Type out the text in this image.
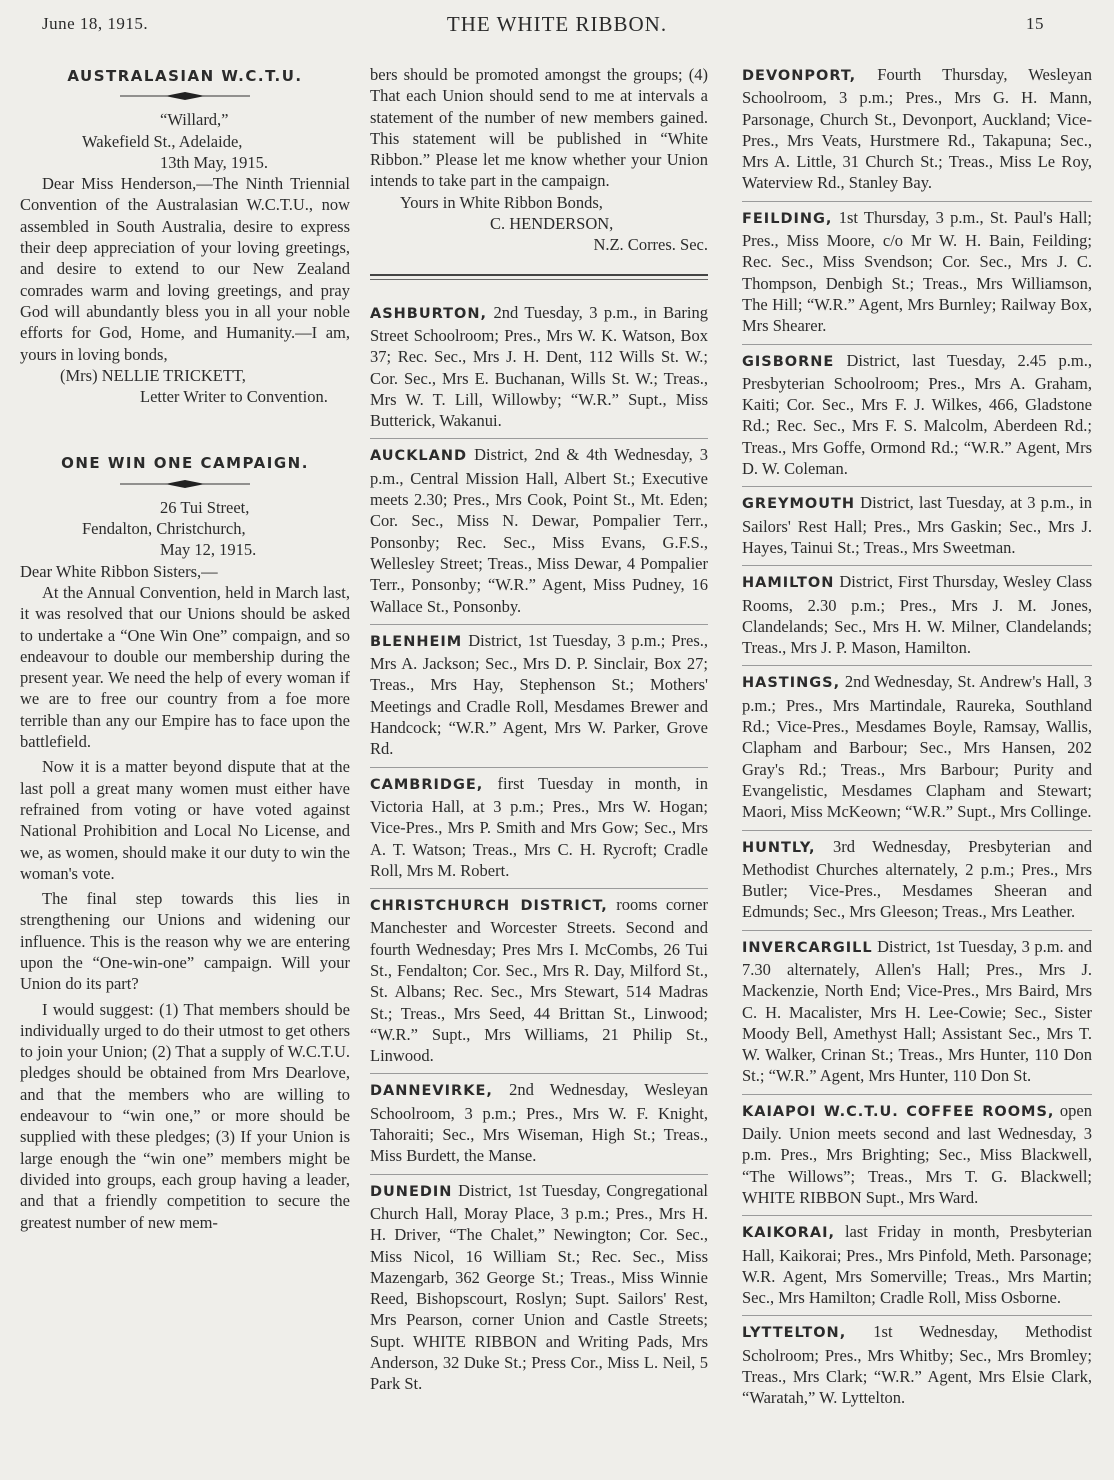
June 18, 1915.	THE WHITE RIBBON.	15
AUSTRALASIAN W.C.T.U.

“Willard,”

Wakefield St., Adelaide,

13th May, 1915.

Dear Miss Henderson,—The Ninth Triennial Convention of the Australasian W.C.T.U., now assembled in South Australia, desire to express their deep appreciation of your loving greetings, and desire to extend to our New Zealand comrades warm and loving greetings, and pray God will abundantly bless you in all your noble efforts for God, Home, and Humanity.—I am, yours in loving bonds,

(Mrs) NELLIE TRICKETT,

Letter Writer to Convention.

ONE WIN ONE CAMPAIGN.

26 Tui Street,

Fendalton, Christchurch,

May 12, 1915.

Dear White Ribbon Sisters,—

At the Annual Convention, held in March last, it was resolved that our Unions should be asked to undertake a “One Win One” compaign, and so endeavour to double our membership during the present year. We need the help of every woman if we are to free our country from a foe more terrible than any our Empire has to face upon the battlefield.

Now it is a matter beyond dispute that at the last poll a great many women must either have refrained from voting or have voted against National Prohibition and Local No License, and we, as women, should make it our duty to win the woman's vote.

The final step towards this lies in strengthening our Unions and widening our influence. This is the reason why we are entering upon the “One-win-one” campaign. Will your Union do its part?

I would suggest: (1) That members should be individually urged to do their utmost to get others to join your Union; (2) That a supply of W.C.T.U. pledges should be obtained from Mrs Dearlove, and that the members who are willing to endeavour to “win one,” or more should be supplied with these pledges; (3) If your Union is large enough the “win one” members might be divided into groups, each group having a leader, and that a friendly competition to secure the greatest number of new mem-

bers should be promoted amongst the groups; (4) That each Union should send to me at intervals a statement of the number of new members gained. This statement will be published in “White Ribbon.” Please let me know whether your Union intends to take part in the campaign.

Yours in White Ribbon Bonds,

C. HENDERSON,

N.Z. Corres. Sec.

ASHBURTON, 2nd Tuesday, 3 p.m., in Baring Street Schoolroom; Pres., Mrs W. K. Watson, Box 37; Rec. Sec., Mrs J. H. Dent, 112 Wills St. W.; Cor. Sec., Mrs E. Buchanan, Wills St. W.; Treas., Mrs W. T. Lill, Willowby; “W.R.” Supt., Miss Butterick, Wakanui.
AUCKLAND District, 2nd & 4th Wednesday, 3 p.m., Central Mission Hall, Albert St.; Executive meets 2.30; Pres., Mrs Cook, Point St., Mt. Eden; Cor. Sec., Miss N. Dewar, Pompalier Terr., Ponsonby; Rec. Sec., Miss Evans, G.F.S., Wellesley Street; Treas., Miss Dewar, 4 Pompalier Terr., Ponsonby; “W.R.” Agent, Miss Pudney, 16 Wallace St., Ponsonby.
BLENHEIM District, 1st Tuesday, 3 p.m.; Pres., Mrs A. Jackson; Sec., Mrs D. P. Sinclair, Box 27; Treas., Mrs Hay, Stephenson St.; Mothers' Meetings and Cradle Roll, Mesdames Brewer and Handcock; “W.R.” Agent, Mrs W. Parker, Grove Rd.
CAMBRIDGE, first Tuesday in month, in Victoria Hall, at 3 p.m.; Pres., Mrs W. Hogan; Vice-Pres., Mrs P. Smith and Mrs Gow; Sec., Mrs A. T. Watson; Treas., Mrs C. H. Rycroft; Cradle Roll, Mrs M. Robert.
CHRISTCHURCH DISTRICT, rooms corner Manchester and Worcester Streets. Second and fourth Wednesday; Pres Mrs I. McCombs, 26 Tui St., Fendalton; Cor. Sec., Mrs R. Day, Milford St., St. Albans; Rec. Sec., Mrs Stewart, 514 Madras St.; Treas., Mrs Seed, 44 Brittan St., Linwood; “W.R.” Supt., Mrs Williams, 21 Philip St., Linwood.
DANNEVIRKE, 2nd Wednesday, Wesleyan Schoolroom, 3 p.m.; Pres., Mrs W. F. Knight, Tahoraiti; Sec., Mrs Wiseman, High St.; Treas., Miss Burdett, the Manse.
DUNEDIN District, 1st Tuesday, Congregational Church Hall, Moray Place, 3 p.m.; Pres., Mrs H. H. Driver, “The Chalet,” Newington; Cor. Sec., Miss Nicol, 16 William St.; Rec. Sec., Miss Mazengarb, 362 George St.; Treas., Miss Winnie Reed, Bishopscourt, Roslyn; Supt. Sailors' Rest, Mrs Pearson, corner Union and Castle Streets; Supt. WHITE RIBBON and Writing Pads, Mrs Anderson, 32 Duke St.; Press Cor., Miss L. Neil, 5 Park St.
DEVONPORT, Fourth Thursday, Wesleyan Schoolroom, 3 p.m.; Pres., Mrs G. H. Mann, Parsonage, Church St., Devonport, Auckland; Vice-Pres., Mrs Veats, Hurstmere Rd., Takapuna; Sec., Mrs A. Little, 31 Church St.; Treas., Miss Le Roy, Waterview Rd., Stanley Bay.
FEILDING, 1st Thursday, 3 p.m., St. Paul's Hall; Pres., Miss Moore, c/o Mr W. H. Bain, Feilding; Rec. Sec., Miss Svendson; Cor. Sec., Mrs J. C. Thompson, Denbigh St.; Treas., Mrs Williamson, The Hill; “W.R.” Agent, Mrs Burnley; Railway Box, Mrs Shearer.
GISBORNE District, last Tuesday, 2.45 p.m., Presbyterian Schoolroom; Pres., Mrs A. Graham, Kaiti; Cor. Sec., Mrs F. J. Wilkes, 466, Gladstone Rd.; Rec. Sec., Mrs F. S. Malcolm, Aberdeen Rd.; Treas., Mrs Goffe, Ormond Rd.; “W.R.” Agent, Mrs D. W. Coleman.
GREYMOUTH District, last Tuesday, at 3 p.m., in Sailors' Rest Hall; Pres., Mrs Gaskin; Sec., Mrs J. Hayes, Tainui St.; Treas., Mrs Sweetman.
HAMILTON District, First Thursday, Wesley Class Rooms, 2.30 p.m.; Pres., Mrs J. M. Jones, Clandelands; Sec., Mrs H. W. Milner, Clandelands; Treas., Mrs J. P. Mason, Hamilton.
HASTINGS, 2nd Wednesday, St. Andrew's Hall, 3 p.m.; Pres., Mrs Martindale, Raureka, Southland Rd.; Vice-Pres., Mesdames Boyle, Ramsay, Wallis, Clapham and Barbour; Sec., Mrs Hansen, 202 Gray's Rd.; Treas., Mrs Barbour; Purity and Evangelistic, Mesdames Clapham and Stewart; Maori, Miss McKeown; “W.R.” Supt., Mrs Collinge.
HUNTLY, 3rd Wednesday, Presbyterian and Methodist Churches alternately, 2 p.m.; Pres., Mrs Butler; Vice-Pres., Mesdames Sheeran and Edmunds; Sec., Mrs Gleeson; Treas., Mrs Leather.
INVERCARGILL District, 1st Tuesday, 3 p.m. and 7.30 alternately, Allen's Hall; Pres., Mrs J. Mackenzie, North End; Vice-Pres., Mrs Baird, Mrs C. H. Macalister, Mrs H. Lee-Cowie; Sec., Sister Moody Bell, Amethyst Hall; Assistant Sec., Mrs T. W. Walker, Crinan St.; Treas., Mrs Hunter, 110 Don St.; “W.R.” Agent, Mrs Hunter, 110 Don St.
KAIAPOI W.C.T.U. COFFEE ROOMS, open Daily. Union meets second and last Wednesday, 3 p.m. Pres., Mrs Brighting; Sec., Miss Blackwell, “The Willows”; Treas., Mrs T. G. Blackwell; WHITE RIBBON Supt., Mrs Ward.
KAIKORAI, last Friday in month, Presbyterian Hall, Kaikorai; Pres., Mrs Pinfold, Meth. Parsonage; W.R. Agent, Mrs Somerville; Treas., Mrs Martin; Sec., Mrs Hamilton; Cradle Roll, Miss Osborne.
LYTTELTON, 1st Wednesday, Methodist Scholroom; Pres., Mrs Whitby; Sec., Mrs Bromley; Treas., Mrs Clark; “W.R.” Agent, Mrs Elsie Clark, “Waratah,” W. Lyttelton.
